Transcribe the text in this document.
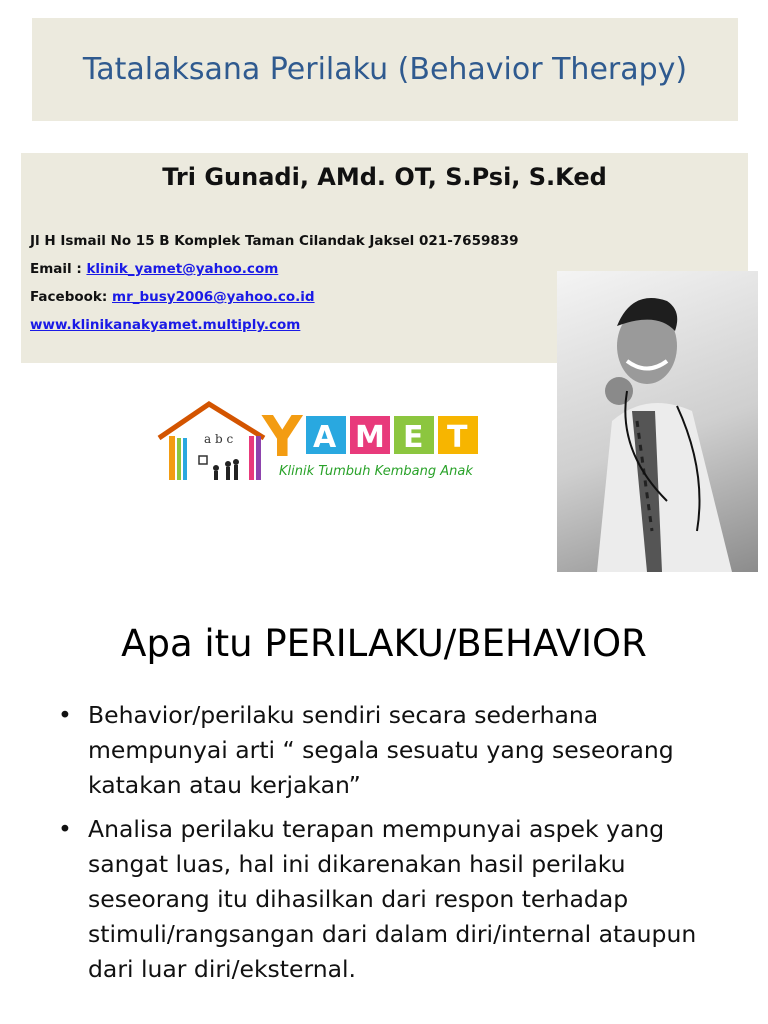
Tatalaksana Perilaku (Behavior Therapy)
Tri Gunadi, AMd. OT, S.Psi, S.Ked
Jl H Ismail No 15 B Komplek Taman Cilandak Jaksel 021-7659839
Email : klinik_yamet@yahoo.com
Facebook: mr_busy2006@yahoo.co.id
www.klinikanakyamet.multiply.com
a b c Y A M E T
Klinik Tumbuh Kembang Anak
Apa itu PERILAKU/BEHAVIOR
• Behavior/perilaku sendiri secara sederhana mempunyai arti “ segala sesuatu yang seseorang katakan atau kerjakan”
• Analisa perilaku terapan mempunyai aspek yang sangat luas, hal ini dikarenakan hasil perilaku seseorang itu dihasilkan dari respon terhadap stimuli/rangsangan dari dalam diri/internal ataupun dari luar diri/eksternal.
